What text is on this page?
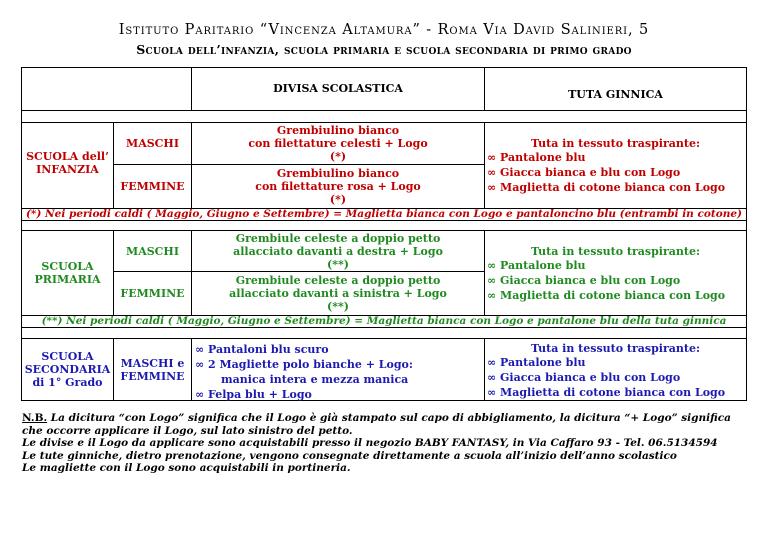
Istituto Paritario “Vincenza Altamura” - Roma Via David Salinieri, 5
Scuola dell’infanzia, scuola primaria e scuola secondaria di primo grado
DIVISA SCOLASTICA	TUTA GINNICA
SCUOLA dell’ INFANZIA
MASCHI
FEMMINE
Grembiulino bianco
con filettature celesti + Logo
(*)
Grembiulino bianco
con filettature rosa + Logo
(*)
Tuta in tessuto traspirante:
∞ Pantalone blu
∞ Giacca bianca e blu con Logo
∞ Maglietta di cotone bianca con Logo
(*) Nei periodi caldi ( Maggio, Giugno e Settembre) = Maglietta bianca con Logo e pantaloncino blu (entrambi in cotone)
SCUOLA PRIMARIA
MASCHI
FEMMINE
Grembiule celeste a doppio petto
allacciato davanti a destra + Logo
(**)
Grembiule celeste a doppio petto
allacciato davanti a sinistra + Logo
(**)
Tuta in tessuto traspirante:
∞ Pantalone blu
∞ Giacca bianca e blu con Logo
∞ Maglietta di cotone bianca con Logo
(**) Nei periodi caldi ( Maggio, Giugno e Settembre) = Maglietta bianca con Logo e pantalone blu della tuta ginnica
SCUOLA SECONDARIA di 1° Grado
MASCHI e FEMMINE
∞ Pantaloni blu scuro
∞ 2 Magliette polo bianche + Logo:
manica intera e mezza manica
∞ Felpa blu + Logo
Tuta in tessuto traspirante:
∞ Pantalone blu
∞ Giacca bianca e blu con Logo
∞ Maglietta di cotone bianca con Logo
N.B. La dicitura “con Logo” significa che il Logo è già stampato sul capo di abbigliamento, la dicitura “+ Logo” significa che occorre applicare il Logo, sul lato sinistro del petto.
Le divise e il Logo da applicare sono acquistabili presso il negozio BABY FANTASY, in Via Caffaro 93 - Tel. 06.5134594
Le tute ginniche, dietro prenotazione, vengono consegnate direttamente a scuola all’inizio dell’anno scolastico
Le magliette con il Logo sono acquistabili in portineria.
